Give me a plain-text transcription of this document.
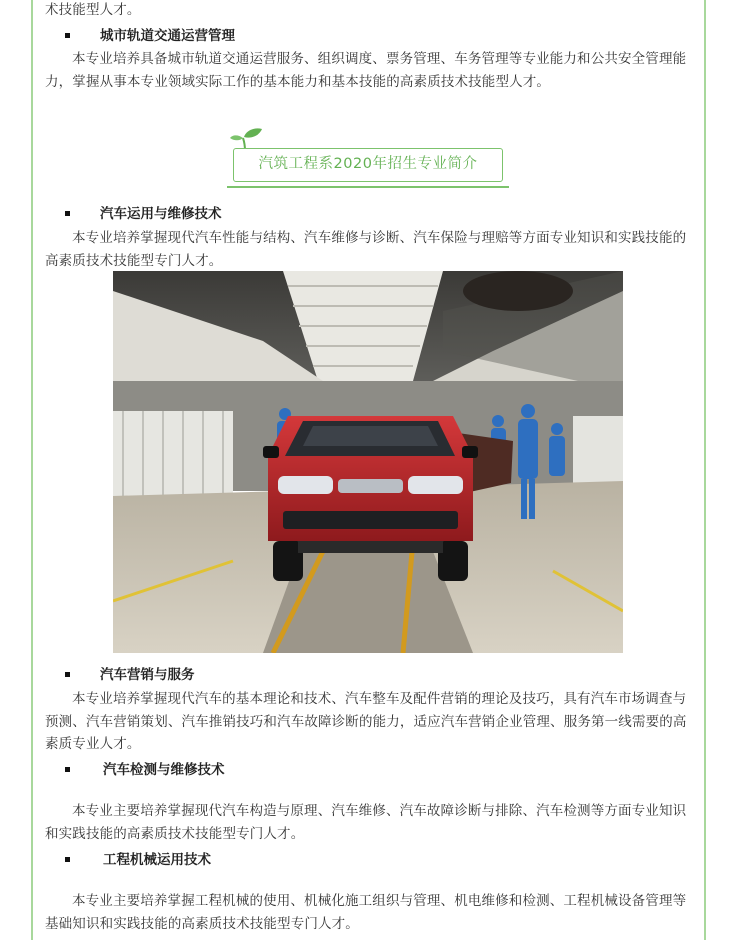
术技能型人才。
城市轨道交通运营管理
本专业培养具备城市轨道交通运营服务、组织调度、票务管理、车务管理等专业能力和公共安全管理能力，掌握从事本专业领域实际工作的基本能力和基本技能的高素质技术技能型人才。
汽筑工程系2020年招生专业简介
汽车运用与维修技术
本专业培养掌握现代汽车性能与结构、汽车维修与诊断、汽车保险与理赔等方面专业知识和实践技能的高素质技术技能型专门人才。
汽车营销与服务
本专业培养掌握现代汽车的基本理论和技术、汽车整车及配件营销的理论及技巧，具有汽车市场调查与预测、汽车营销策划、汽车推销技巧和汽车故障诊断的能力，适应汽车营销企业管理、服务第一线需要的高素质专业人才。
汽车检测与维修技术
本专业主要培养掌握现代汽车构造与原理、汽车维修、汽车故障诊断与排除、汽车检测等方面专业知识和实践技能的高素质技术技能型专门人才。
工程机械运用技术
本专业主要培养掌握工程机械的使用、机械化施工组织与管理、机电维修和检测、工程机械设备管理等基础知识和实践技能的高素质技术技能型专门人才。
